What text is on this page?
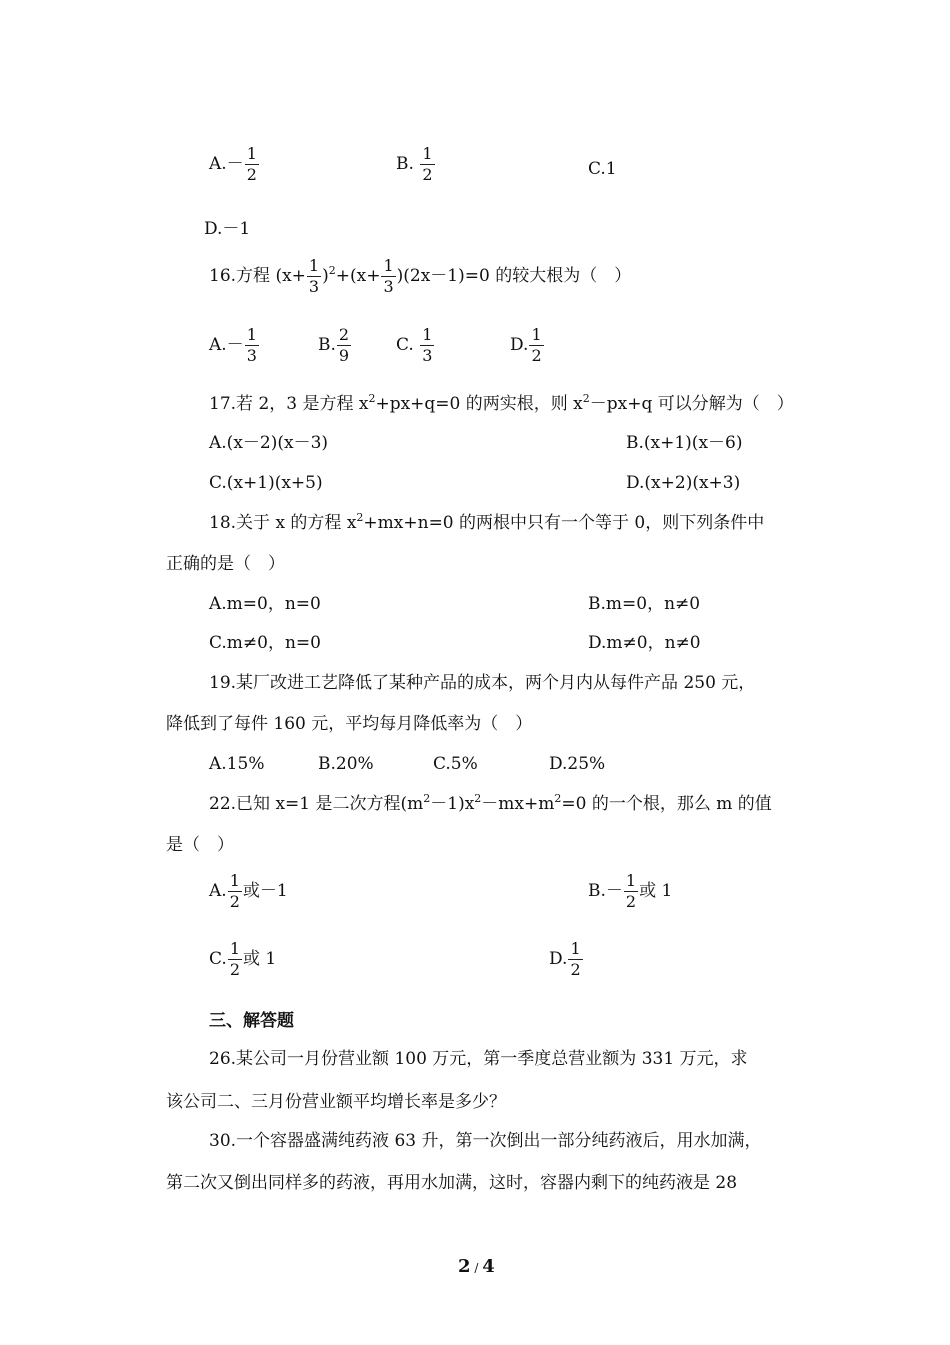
$A.- \frac{1}{2}$	B. $\frac{1}{2}$	C.1
D.－1
16.方程 $(x+ \frac{1}{3} )^2+(x+ \frac{1}{3} )(2x-1)=0$ 的较大根为（　）
$A.- \frac{1}{3}$	B. $\frac{2}{9}$	C. $\frac{1}{3}$	D. $\frac{1}{2}$
17.若 2，3 是方程 $x^2+px+q=0$ 的两实根，则 $x^2-px+q$ 可以分解为（　）
A.(x－2)(x－3)	B.(x+1)(x－6)
C.(x+1)(x+5)	D.(x+2)(x+3)
18.关于 x 的方程 $x^2+mx+n=0$ 的两根中只有一个等于 0，则下列条件中
正确的是（　）
A.m=0，n=0	B.m=0，n≠0
C.m≠0，n=0	D.m≠0，n≠0
19.某厂改进工艺降低了某种产品的成本，两个月内从每件产品 250 元，
降低到了每件 160 元，平均每月降低率为（　）
A.15%	B.20%	C.5%	D.25%
22.已知 x=1 是二次方程$(m^2-1)x^2-mx+m^2=0$ 的一个根，那么 m 的值
是（　）
A. $\frac{1}{2}$ 或－1	$B.- \frac{1}{2}$ 或 1
C. $\frac{1}{2}$ 或 1	D. $\frac{1}{2}$
三、解答题
26.某公司一月份营业额 100 万元，第一季度总营业额为 331 万元，求
该公司二、三月份营业额平均增长率是多少？
30.一个容器盛满纯药液 63 升，第一次倒出一部分纯药液后，用水加满，
第二次又倒出同样多的药液，再用水加满，这时，容器内剩下的纯药液是 28
2 / 4
